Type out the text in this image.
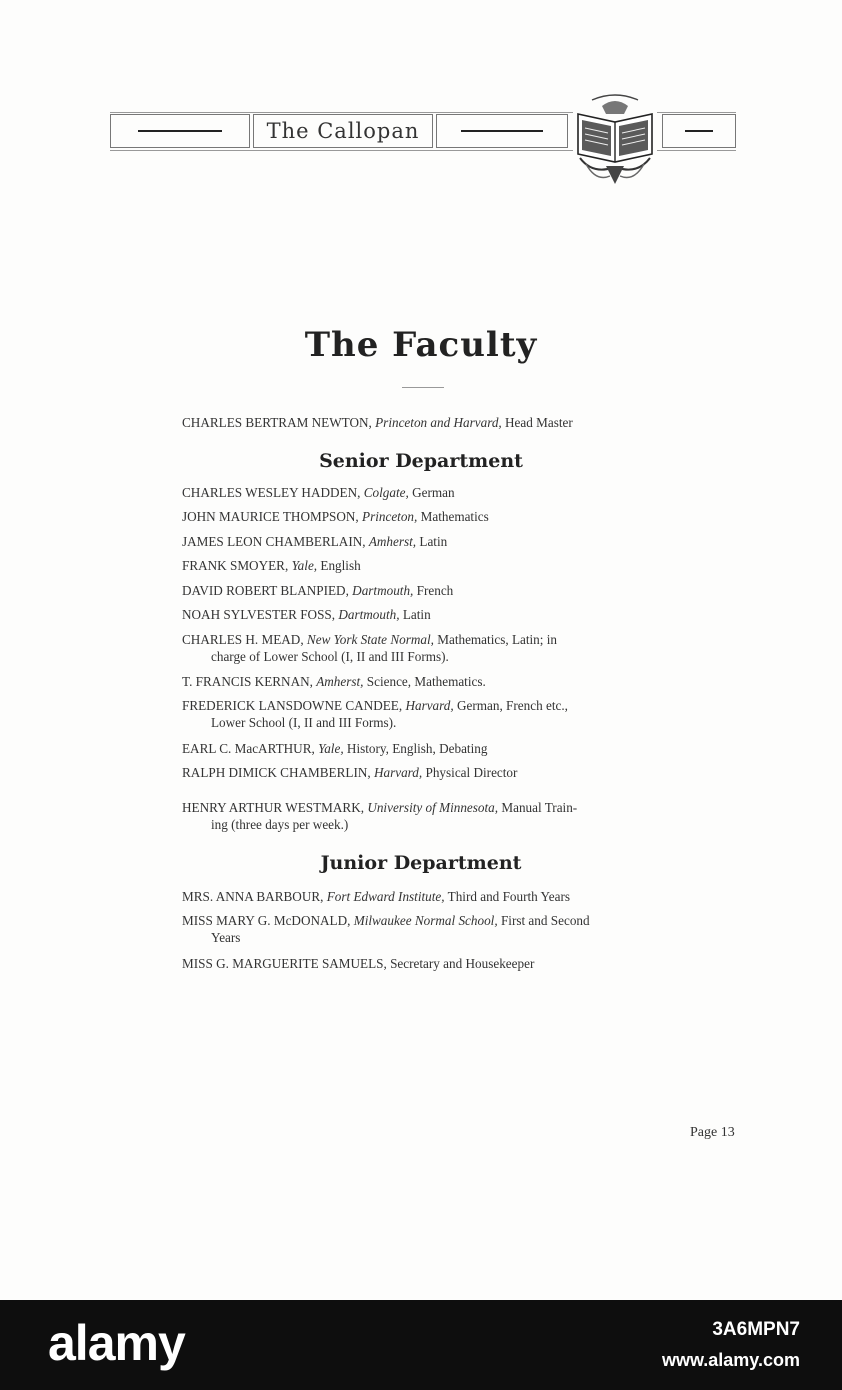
The Callopan
The Faculty
CHARLES BERTRAM NEWTON, Princeton and Harvard, Head Master
Senior Department
CHARLES WESLEY HADDEN, Colgate, German
JOHN MAURICE THOMPSON, Princeton, Mathematics
JAMES LEON CHAMBERLAIN, Amherst, Latin
FRANK SMOYER, Yale, English
DAVID ROBERT BLANPIED, Dartmouth, French
NOAH SYLVESTER FOSS, Dartmouth, Latin
CHARLES H. MEAD, New York State Normal, Mathematics, Latin; in
charge of Lower School (I, II and III Forms).
T. FRANCIS KERNAN, Amherst, Science, Mathematics.
FREDERICK LANSDOWNE CANDEE, Harvard, German, French etc.,
Lower School (I, II and III Forms).
EARL C. MacARTHUR, Yale, History, English, Debating
RALPH DIMICK CHAMBERLIN, Harvard, Physical Director
HENRY ARTHUR WESTMARK, University of Minnesota, Manual Train-
ing (three days per week.)
Junior Department
MRS. ANNA BARBOUR, Fort Edward Institute, Third and Fourth Years
MISS MARY G. McDONALD, Milwaukee Normal School, First and Second
Years
MISS G. MARGUERITE SAMUELS, Secretary and Housekeeper
Page 13
alamy	3A6MPN7
www.alamy.com
